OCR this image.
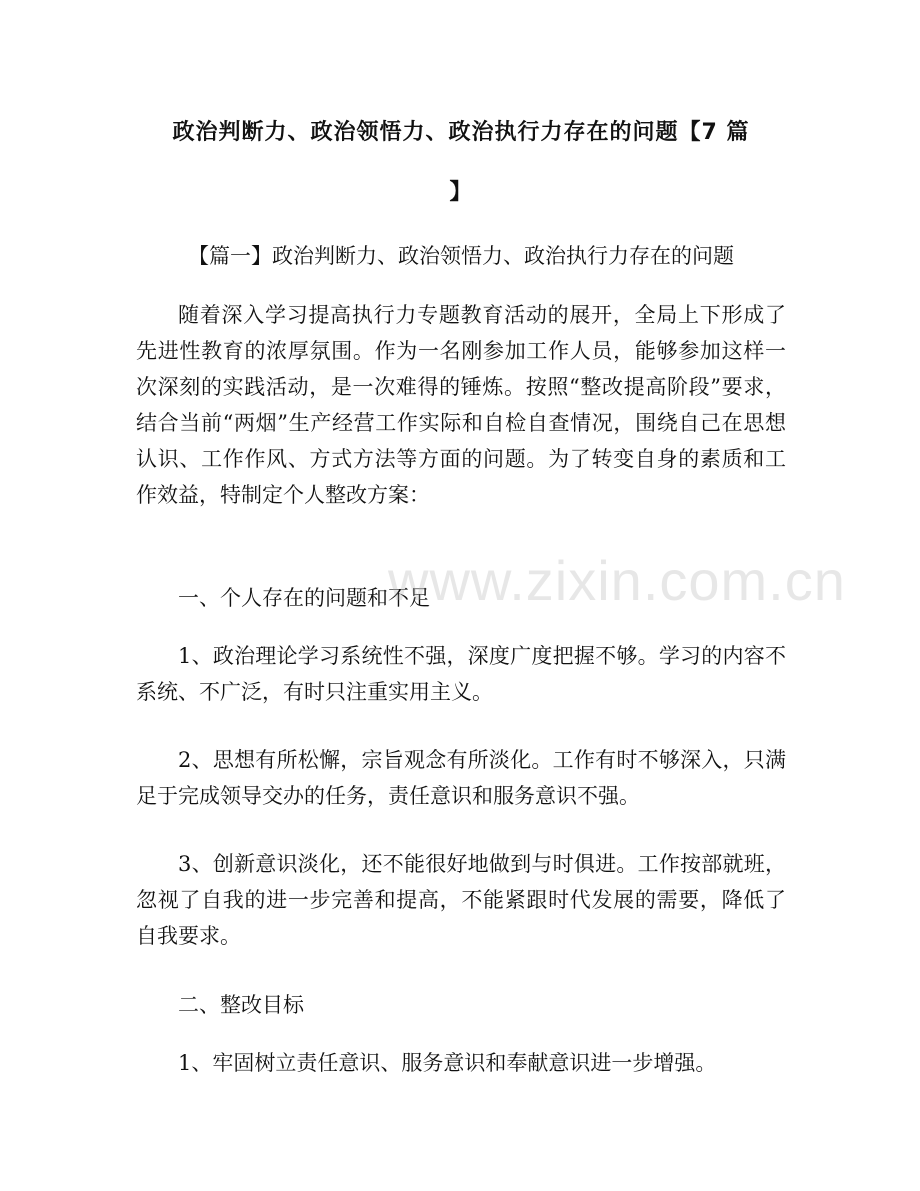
政治判断力、政治领悟力、政治执行力存在的问题【7 篇
】
【篇一】政治判断力、政治领悟力、政治执行力存在的问题
随着深入学习提高执行力专题教育活动的展开，全局上下形成了先进性教育的浓厚氛围。作为一名刚参加工作人员，能够参加这样一次深刻的实践活动，是一次难得的锤炼。按照“整改提高阶段”要求，结合当前“两烟”生产经营工作实际和自检自查情况，围绕自己在思想认识、工作作风、方式方法等方面的问题。为了转变自身的素质和工作效益，特制定个人整改方案：
一、个人存在的问题和不足
1、政治理论学习系统性不强，深度广度把握不够。学习的内容不系统、不广泛，有时只注重实用主义。
2、思想有所松懈，宗旨观念有所淡化。工作有时不够深入，只满足于完成领导交办的任务，责任意识和服务意识不强。
3、创新意识淡化，还不能很好地做到与时俱进。工作按部就班，忽视了自我的进一步完善和提高，不能紧跟时代发展的需要，降低了自我要求。
二、整改目标
1、牢固树立责任意识、服务意识和奉献意识进一步增强。
www.zixin.com.cn
